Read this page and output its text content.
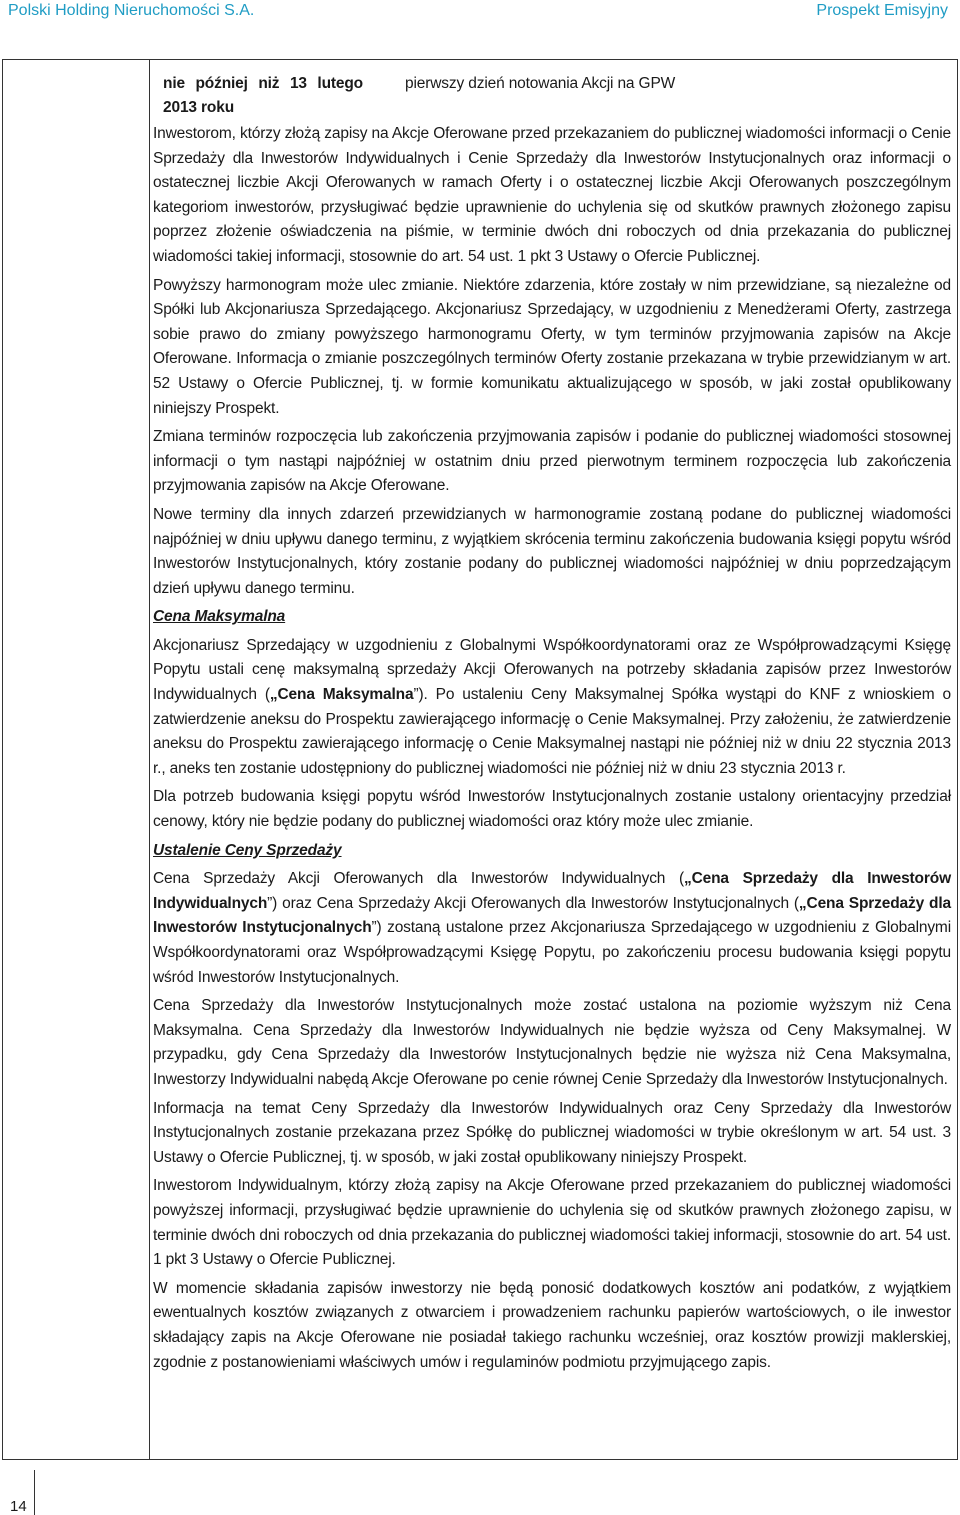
Polski Holding Nieruchomości S.A.	Prospekt Emisyjny
nie później niż 13 lutego 2013 roku
pierwszy dzień notowania Akcji na GPW

Inwestorom, którzy złożą zapisy na Akcje Oferowane przed przekazaniem do publicznej wiadomości informacji o Cenie Sprzedaży dla Inwestorów Indywidualnych i Cenie Sprzedaży dla Inwestorów Instytucjonalnych oraz informacji o ostatecznej liczbie Akcji Oferowanych w ramach Oferty i o ostatecznej liczbie Akcji Oferowanych poszczególnym kategoriom inwestorów, przysługiwać będzie uprawnienie do uchylenia się od skutków prawnych złożonego zapisu poprzez złożenie oświadczenia na piśmie, w terminie dwóch dni roboczych od dnia przekazania do publicznej wiadomości takiej informacji, stosownie do art. 54 ust. 1 pkt 3 Ustawy o Ofercie Publicznej.

Powyższy harmonogram może ulec zmianie. Niektóre zdarzenia, które zostały w nim przewidziane, są niezależne od Spółki lub Akcjonariusza Sprzedającego. Akcjonariusz Sprzedający, w uzgodnieniu z Menedżerami Oferty, zastrzega sobie prawo do zmiany powyższego harmonogramu Oferty, w tym terminów przyjmowania zapisów na Akcje Oferowane. Informacja o zmianie poszczególnych terminów Oferty zostanie przekazana w trybie przewidzianym w art. 52 Ustawy o Ofercie Publicznej, tj. w formie komunikatu aktualizującego w sposób, w jaki został opublikowany niniejszy Prospekt.

Zmiana terminów rozpoczęcia lub zakończenia przyjmowania zapisów i podanie do publicznej wiadomości stosownej informacji o tym nastąpi najpóźniej w ostatnim dniu przed pierwotnym terminem rozpoczęcia lub zakończenia przyjmowania zapisów na Akcje Oferowane.

Nowe terminy dla innych zdarzeń przewidzianych w harmonogramie zostaną podane do publicznej wiadomości najpóźniej w dniu upływu danego terminu, z wyjątkiem skrócenia terminu zakończenia budowania księgi popytu wśród Inwestorów Instytucjonalnych, który zostanie podany do publicznej wiadomości najpóźniej w dniu poprzedzającym dzień upływu danego terminu.

Cena Maksymalna

Akcjonariusz Sprzedający w uzgodnieniu z Globalnymi Współkoordynatorami oraz ze Współprowadzącymi Księgę Popytu ustali cenę maksymalną sprzedaży Akcji Oferowanych na potrzeby składania zapisów przez Inwestorów Indywidualnych („Cena Maksymalna”). Po ustaleniu Ceny Maksymalnej Spółka wystąpi do KNF z wnioskiem o zatwierdzenie aneksu do Prospektu zawierającego informację o Cenie Maksymalnej. Przy założeniu, że zatwierdzenie aneksu do Prospektu zawierającego informację o Cenie Maksymalnej nastąpi nie później niż w dniu 22 stycznia 2013 r., aneks ten zostanie udostępniony do publicznej wiadomości nie później niż w dniu 23 stycznia 2013 r.

Dla potrzeb budowania księgi popytu wśród Inwestorów Instytucjonalnych zostanie ustalony orientacyjny przedział cenowy, który nie będzie podany do publicznej wiadomości oraz który może ulec zmianie.

Ustalenie Ceny Sprzedaży

Cena Sprzedaży Akcji Oferowanych dla Inwestorów Indywidualnych („Cena Sprzedaży dla Inwestorów Indywidualnych”) oraz Cena Sprzedaży Akcji Oferowanych dla Inwestorów Instytucjonalnych („Cena Sprzedaży dla Inwestorów Instytucjonalnych”) zostaną ustalone przez Akcjonariusza Sprzedającego w uzgodnieniu z Globalnymi Współkoordynatorami oraz Współprowadzącymi Księgę Popytu, po zakończeniu procesu budowania księgi popytu wśród Inwestorów Instytucjonalnych.

Cena Sprzedaży dla Inwestorów Instytucjonalnych może zostać ustalona na poziomie wyższym niż Cena Maksymalna. Cena Sprzedaży dla Inwestorów Indywidualnych nie będzie wyższa od Ceny Maksymalnej. W przypadku, gdy Cena Sprzedaży dla Inwestorów Instytucjonalnych będzie nie wyższa niż Cena Maksymalna, Inwestorzy Indywidualni nabędą Akcje Oferowane po cenie równej Cenie Sprzedaży dla Inwestorów Instytucjonalnych.

Informacja na temat Ceny Sprzedaży dla Inwestorów Indywidualnych oraz Ceny Sprzedaży dla Inwestorów Instytucjonalnych zostanie przekazana przez Spółkę do publicznej wiadomości w trybie określonym w art. 54 ust. 3 Ustawy o Ofercie Publicznej, tj. w sposób, w jaki został opublikowany niniejszy Prospekt.

Inwestorom Indywidualnym, którzy złożą zapisy na Akcje Oferowane przed przekazaniem do publicznej wiadomości powyższej informacji, przysługiwać będzie uprawnienie do uchylenia się od skutków prawnych złożonego zapisu, w terminie dwóch dni roboczych od dnia przekazania do publicznej wiadomości takiej informacji, stosownie do art. 54 ust. 1 pkt 3 Ustawy o Ofercie Publicznej.

W momencie składania zapisów inwestorzy nie będą ponosić dodatkowych kosztów ani podatków, z wyjątkiem ewentualnych kosztów związanych z otwarciem i prowadzeniem rachunku papierów wartościowych, o ile inwestor składający zapis na Akcje Oferowane nie posiadał takiego rachunku wcześniej, oraz kosztów prowizji maklerskiej, zgodnie z postanowieniami właściwych umów i regulaminów podmiotu przyjmującego zapis.

14
